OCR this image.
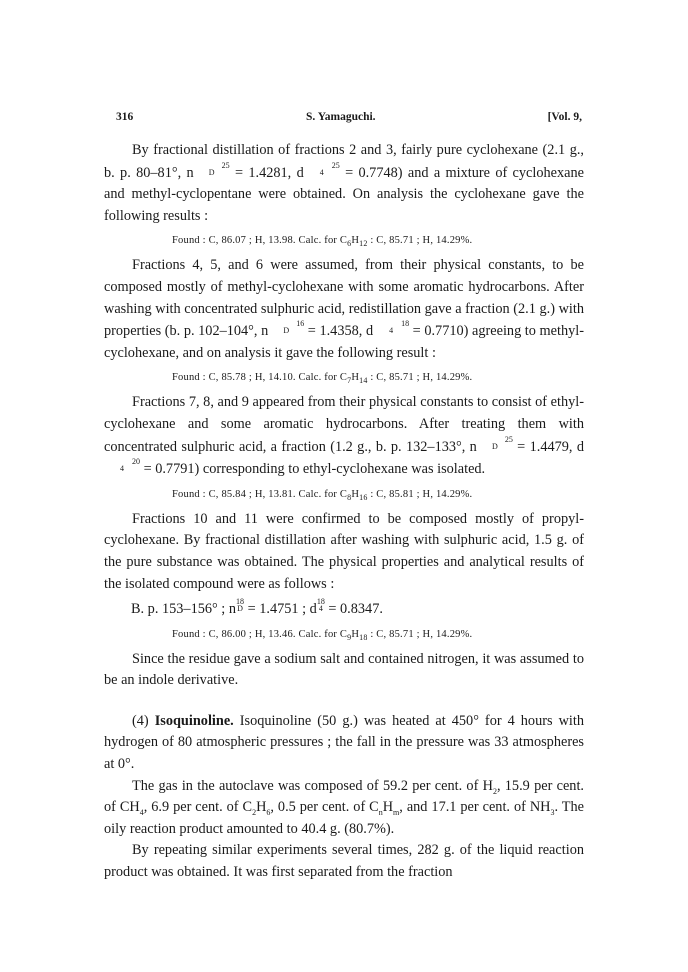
316	S. Yamaguchi.	[Vol. 9,

By fractional distillation of fractions 2 and 3, fairly pure cyclohexane (2.1 g., b. p. 80–81°, n	25
D = 1.4281, d	25
4 = 0.7748) and a mixture of cyclohexane and methyl-cyclopentane were obtained. On analysis the cyclohexane gave the following results :

Found : C, 86.07 ; H, 13.98. Calc. for $C_6H_{12}$ : C, 85.71 ; H, 14.29%.

Fractions 4, 5, and 6 were assumed, from their physical constants, to be composed mostly of methyl-cyclohexane with some aromatic hydrocarbons. After washing with concentrated sulphuric acid, redistillation gave a fraction (2.1 g.) with properties (b. p. 102–104°, n	16
D = 1.4358, d	18
4 = 0.7710) agreeing to methyl-cyclohexane, and on analysis it gave the following result :

Found : C, 85.78 ; H, 14.10. Calc. for $C_7H_{14}$ : C, 85.71 ; H, 14.29%.

Fractions 7, 8, and 9 appeared from their physical constants to consist of ethyl-cyclohexane and some aromatic hydrocarbons. After treating them with concentrated sulphuric acid, a fraction (1.2 g., b. p. 132–133°, n	25
D = 1.4479, d20
4 = 0.7791) corresponding to ethyl-cyclohexane was isolated.

Found : C, 85.84 ; H, 13.81. Calc. for $C_8H_{16}$ : C, 85.81 ; H, 14.29%.

Fractions 10 and 11 were confirmed to be composed mostly of propyl-cyclohexane. By fractional distillation after washing with sulphuric acid, 1.5 g. of the pure substance was obtained. The physical properties and analytical results of the isolated compound were as follows :

B. p. 153–156° ; n18
D = 1.4751 ; d18
4 = 0.8347.

Found : C, 86.00 ; H, 13.46. Calc. for $C_9H_{18}$ : C, 85.71 ; H, 14.29%.

Since the residue gave a sodium salt and contained nitrogen, it was assumed to be an indole derivative.

(4) Isoquinoline. Isoquinoline (50 g.) was heated at 450° for 4 hours with hydrogen of 80 atmospheric pressures ; the fall in the pressure was 33 atmospheres at 0°.

The gas in the autoclave was composed of 59.2 per cent. of $H_2$, 15.9 per cent. of $CH_4$, 6.9 per cent. of $C_2H_6$, 0.5 per cent. of $C_nH_m$, and 17.1 per cent. of $NH_3$. The oily reaction product amounted to 40.4 g. (80.7%).

By repeating similar experiments several times, 282 g. of the liquid reaction product was obtained. It was first separated from the fraction
